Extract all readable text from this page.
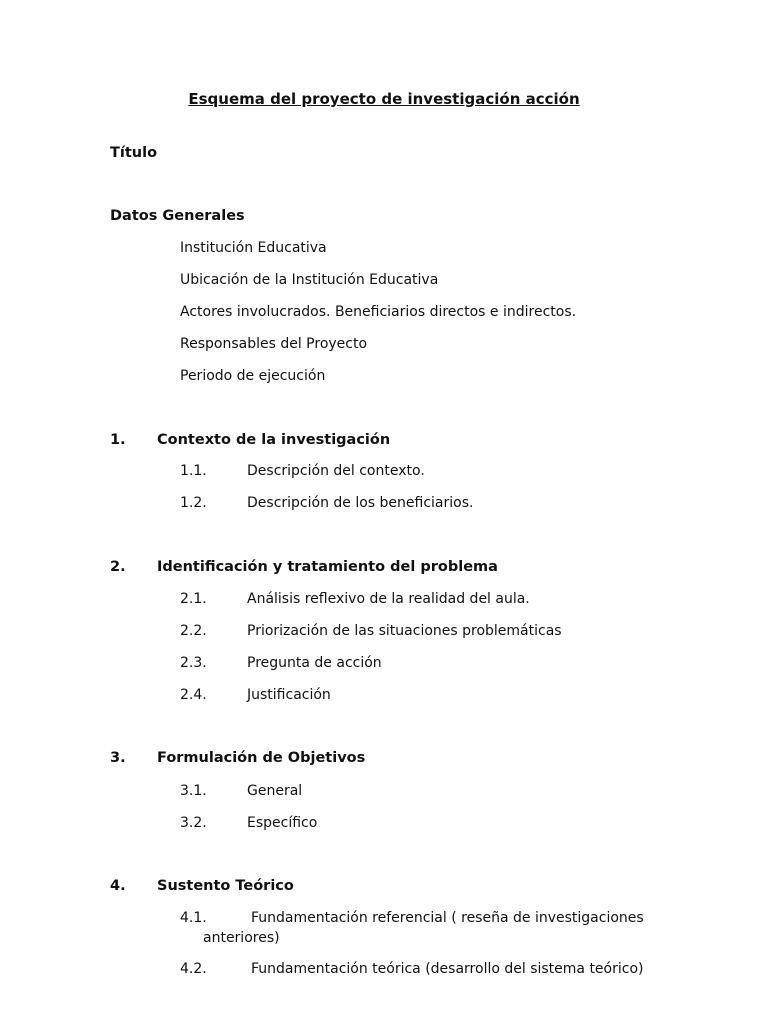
Esquema del proyecto de investigación acción
Título
Datos Generales
Institución Educativa
Ubicación de la Institución Educativa
Actores involucrados. Beneficiarios directos e indirectos.
Responsables del Proyecto
Periodo de ejecución
1. Contexto de la investigación
1.1.	Descripción del contexto.
1.2.	Descripción de los beneficiarios.
2. Identificación y tratamiento del problema
2.1.	Análisis reflexivo de la realidad del aula.
2.2.	Priorización de las situaciones problemáticas
2.3.	Pregunta de acción
2.4.	Justificación
3. Formulación de Objetivos
3.1.	General
3.2.	Específico
4. Sustento Teórico
4.1.	Fundamentación referencial ( reseña de investigaciones
anteriores)
4.2.	Fundamentación teórica (desarrollo del sistema teórico)
